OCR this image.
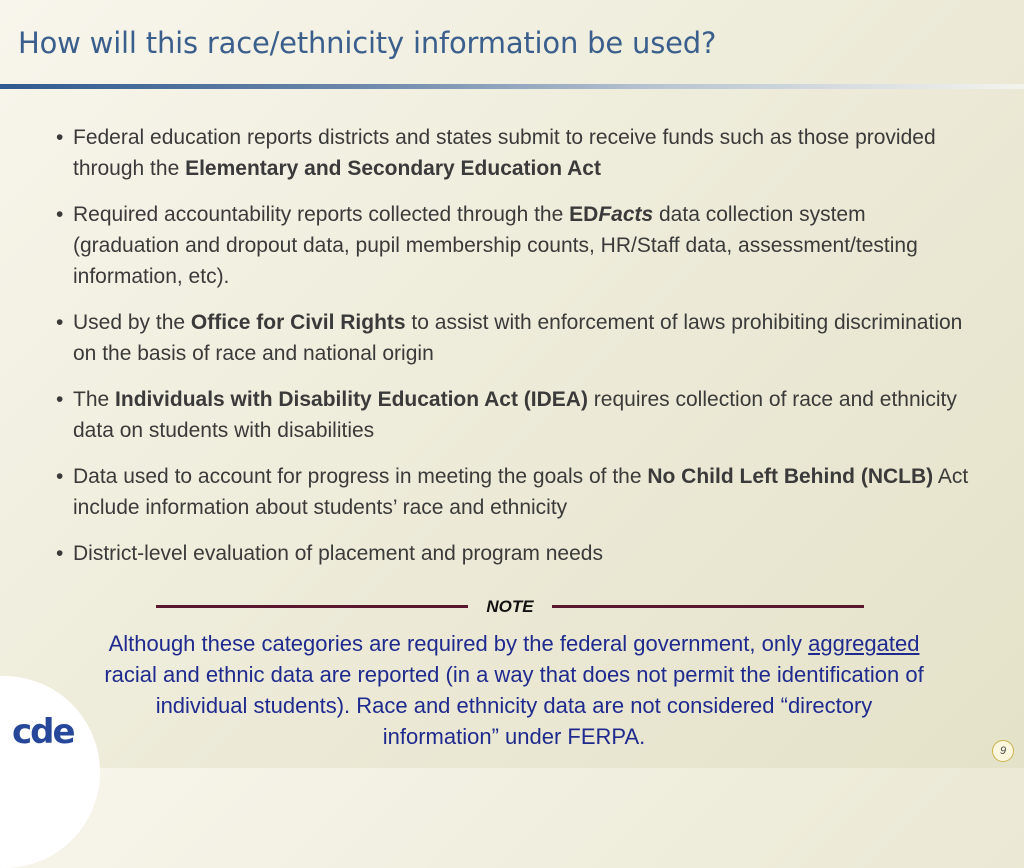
How will this race/ethnicity information be used?
• Federal education reports districts and states submit to receive funds such as those provided through the Elementary and Secondary Education Act
• Required accountability reports collected through the EDFacts data collection system (graduation and dropout data, pupil membership counts, HR/Staff data, assessment/testing information, etc).
• Used by the Office for Civil Rights to assist with enforcement of laws prohibiting discrimination on the basis of race and national origin
• The Individuals with Disability Education Act (IDEA) requires collection of race and ethnicity data on students with disabilities
• Data used to account for progress in meeting the goals of the No Child Left Behind (NCLB) Act include information about students’ race and ethnicity
• District-level evaluation of placement and program needs
NOTE
Although these categories are required by the federal government, only aggregated racial and ethnic data are reported (in a way that does not permit the identification of individual students). Race and ethnicity data are not considered “directory information” under FERPA.
cde	9
